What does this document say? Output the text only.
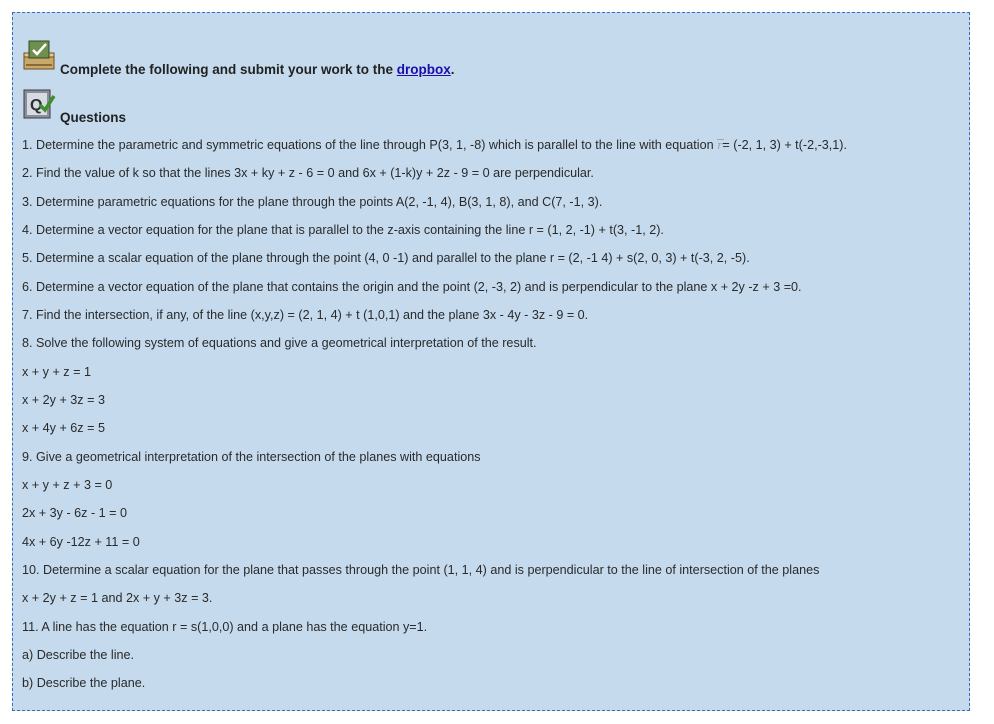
Complete the following and submit your work to the dropbox.
Q
Questions
1. Determine the parametric and symmetric equations of the line through P(3, 1, -8) which is parallel to the line with equation r= (-2, 1, 3) + t(-2,-3,1).
2. Find the value of k so that the lines 3x + ky + z - 6 = 0 and 6x + (1-k)y + 2z - 9 = 0 are perpendicular.
3. Determine parametric equations for the plane through the points A(2, -1, 4), B(3, 1, 8), and C(7, -1, 3).
4. Determine a vector equation for the plane that is parallel to the z-axis containing the line r = (1, 2, -1) + t(3, -1, 2).
5. Determine a scalar equation of the plane through the point (4, 0 -1) and parallel to the plane r = (2, -1 4) + s(2, 0, 3) + t(-3, 2, -5).
6. Determine a vector equation of the plane that contains the origin and the point (2, -3, 2) and is perpendicular to the plane x + 2y -z + 3 =0.
7. Find the intersection, if any, of the line (x,y,z) = (2, 1, 4) + t (1,0,1) and the plane 3x - 4y - 3z - 9 = 0.
8. Solve the following system of equations and give a geometrical interpretation of the result.
x + y + z = 1
x + 2y + 3z = 3
x + 4y + 6z = 5
9. Give a geometrical interpretation of the intersection of the planes with equations
x + y + z + 3 = 0
2x + 3y - 6z - 1 = 0
4x + 6y -12z + 11 = 0
10. Determine a scalar equation for the plane that passes through the point (1, 1, 4) and is perpendicular to the line of intersection of the planes
x + 2y + z = 1 and 2x + y + 3z = 3.
11. A line has the equation r = s(1,0,0) and a plane has the equation y=1.
a) Describe the line.
b) Describe the plane.
